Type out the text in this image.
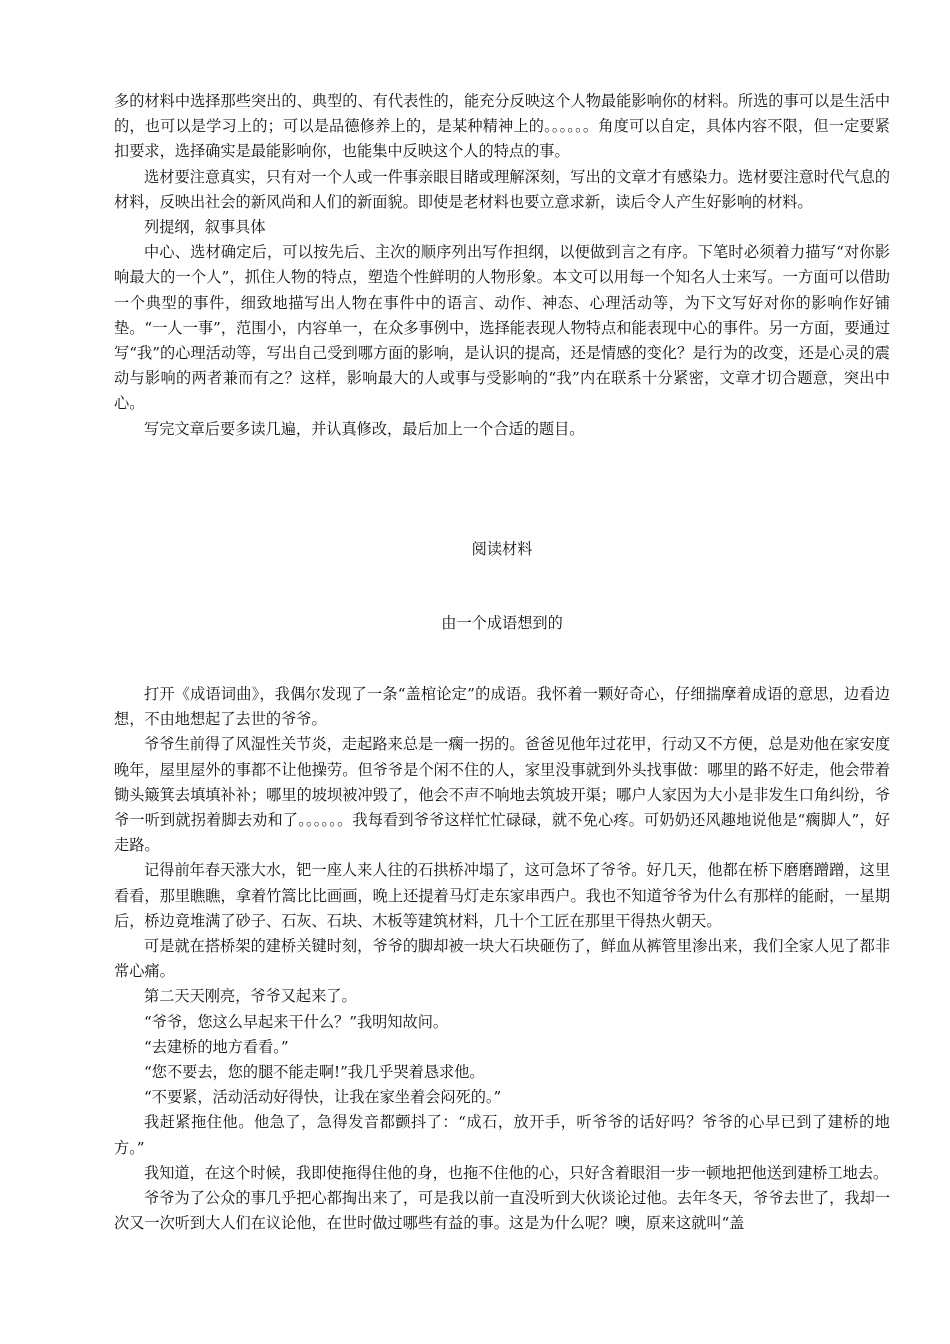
多的材料中选择那些突出的、典型的、有代表性的，能充分反映这个人物最能影响你的材料。所选的事可以是生活中的，也可以是学习上的；可以是品德修养上的，是某种精神上的。。。。。。角度可以自定，具体内容不限，但一定要紧扣要求，选择确实是最能影响你，也能集中反映这个人的特点的事。

选材要注意真实，只有对一个人或一件事亲眼目睹或理解深刻，写出的文章才有感染力。选材要注意时代气息的材料，反映出社会的新风尚和人们的新面貌。即使是老材料也要立意求新，读后令人产生好影响的材料。

列提纲，叙事具体

中心、选材确定后，可以按先后、主次的顺序列出写作担纲，以便做到言之有序。下笔时必须着力描写“对你影响最大的一个人”，抓住人物的特点，塑造个性鲜明的人物形象。本文可以用每一个知名人士来写。一方面可以借助一个典型的事件，细致地描写出人物在事件中的语言、动作、神态、心理活动等，为下文写好对你的影响作好铺垫。“一人一事”，范围小，内容单一，在众多事例中，选择能表现人物特点和能表现中心的事件。另一方面，要通过写“我”的心理活动等，写出自己受到哪方面的影响，是认识的提高，还是情感的变化？是行为的改变，还是心灵的震动与影响的两者兼而有之？这样，影响最大的人或事与受影响的“我”内在联系十分紧密，文章才切合题意，突出中心。

写完文章后要多读几遍，并认真修改，最后加上一个合适的题目。

阅读材料
由一个成语想到的

打开《成语词曲》，我偶尔发现了一条“盖棺论定”的成语。我怀着一颗好奇心，仔细揣摩着成语的意思，边看边想，不由地想起了去世的爷爷。

爷爷生前得了风湿性关节炎，走起路来总是一瘸一拐的。爸爸见他年过花甲，行动又不方便，总是劝他在家安度晚年，屋里屋外的事都不让他操劳。但爷爷是个闲不住的人，家里没事就到外头找事做：哪里的路不好走，他会带着锄头簸箕去填填补补；哪里的坡坝被冲毁了，他会不声不响地去筑坡开渠；哪户人家因为大小是非发生口角纠纷，爷爷一听到就拐着脚去劝和了。。。。。。我每看到爷爷这样忙忙碌碌，就不免心疼。可奶奶还风趣地说他是“瘸脚人”，好走路。

记得前年春天涨大水，钯一座人来人往的石拱桥冲塌了，这可急坏了爷爷。好几天，他都在桥下磨磨蹭蹭，这里看看，那里瞧瞧，拿着竹篙比比画画，晚上还提着马灯走东家串西户。我也不知道爷爷为什么有那样的能耐，一星期后，桥边竟堆满了砂子、石灰、石块、木板等建筑材料，几十个工匠在那里干得热火朝天。

可是就在搭桥架的建桥关键时刻，爷爷的脚却被一块大石块砸伤了，鲜血从裤管里渗出来，我们全家人见了都非常心痛。

第二天天刚亮，爷爷又起来了。

“爷爷，您这么早起来干什么？”我明知故问。

“去建桥的地方看看。”

“您不要去，您的腿不能走啊!”我几乎哭着恳求他。

“不要紧，活动活动好得快，让我在家坐着会闷死的。”

我赶紧拖住他。他急了，急得发音都颤抖了：“成石，放开手，听爷爷的话好吗？爷爷的心早已到了建桥的地方。”

我知道，在这个时候，我即使拖得住他的身，也拖不住他的心，只好含着眼泪一步一顿地把他送到建桥工地去。

爷爷为了公众的事几乎把心都掏出来了，可是我以前一直没听到大伙谈论过他。去年冬天，爷爷去世了，我却一次又一次听到大人们在议论他，在世时做过哪些有益的事。这是为什么呢？噢，原来这就叫“盖
